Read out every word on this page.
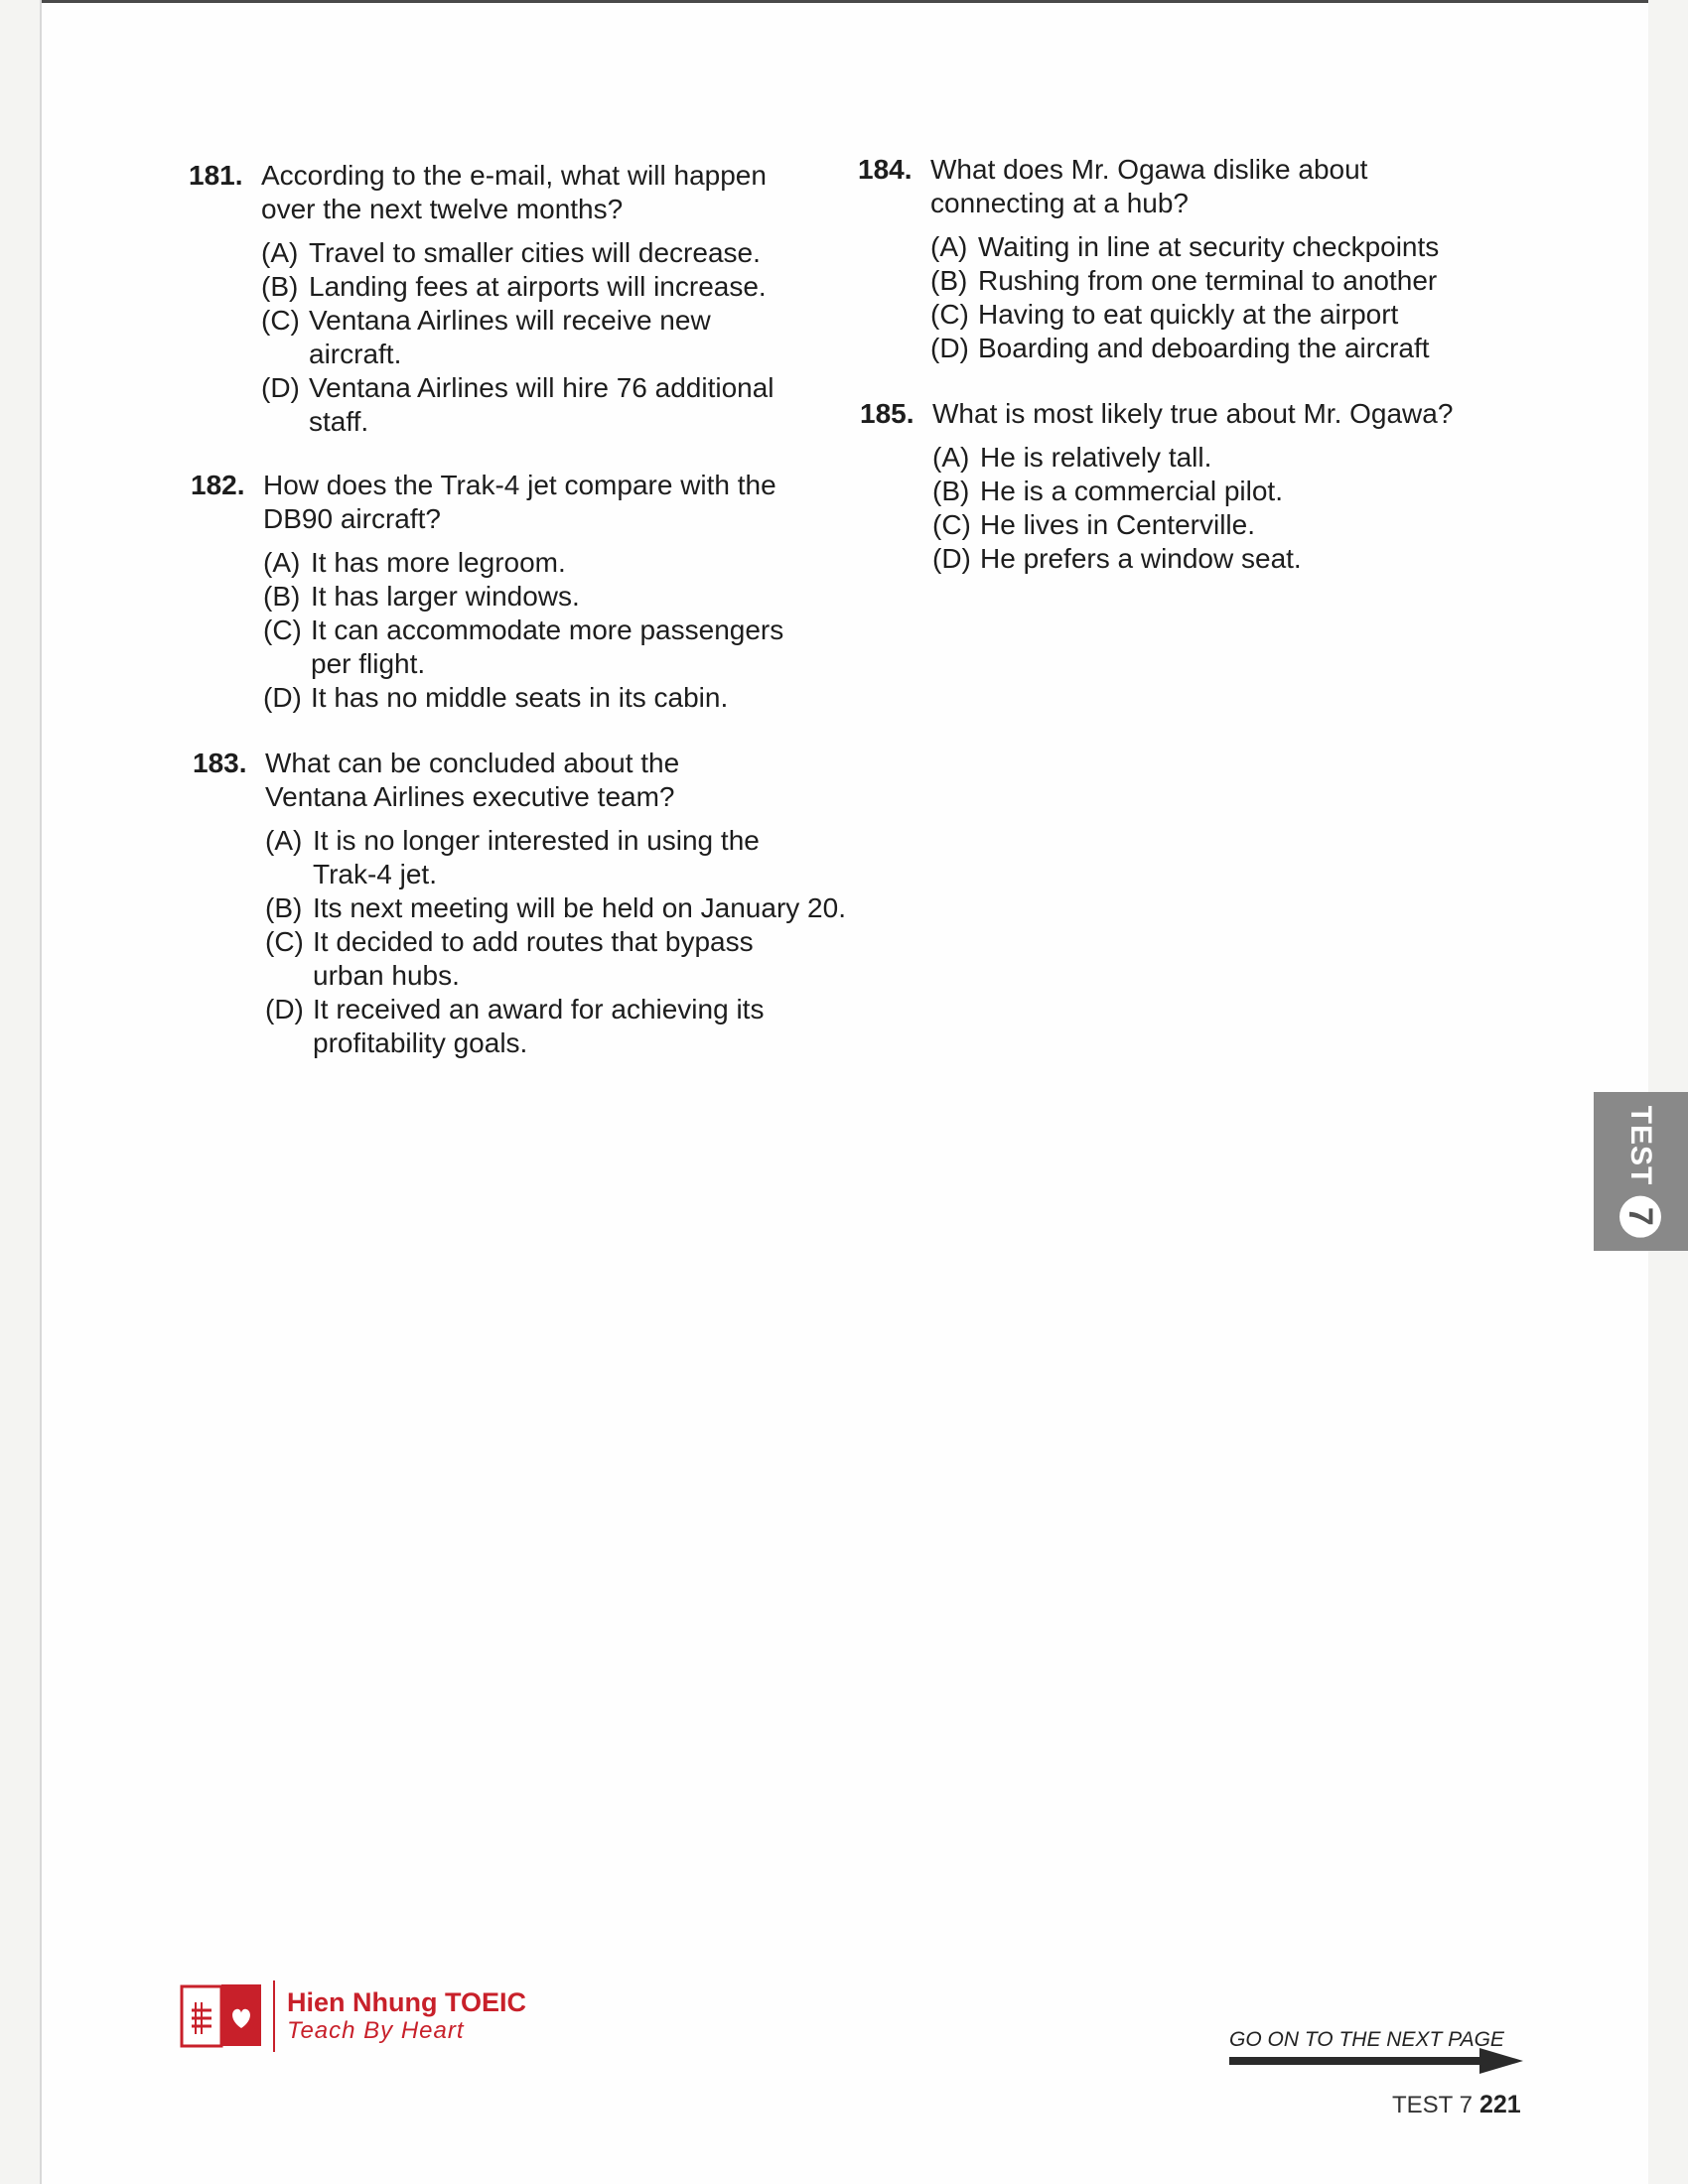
181. According to the e-mail, what will happen over the next twelve months?
(A) Travel to smaller cities will decrease.
(B) Landing fees at airports will increase.
(C) Ventana Airlines will receive new aircraft.
(D) Ventana Airlines will hire 76 additional staff.
182. How does the Trak-4 jet compare with the DB90 aircraft?
(A) It has more legroom.
(B) It has larger windows.
(C) It can accommodate more passengers per flight.
(D) It has no middle seats in its cabin.
183. What can be concluded about the Ventana Airlines executive team?
(A) It is no longer interested in using the Trak-4 jet.
(B) Its next meeting will be held on January 20.
(C) It decided to add routes that bypass urban hubs.
(D) It received an award for achieving its profitability goals.
184. What does Mr. Ogawa dislike about connecting at a hub?
(A) Waiting in line at security checkpoints
(B) Rushing from one terminal to another
(C) Having to eat quickly at the airport
(D) Boarding and deboarding the aircraft
185. What is most likely true about Mr. Ogawa?
(A) He is relatively tall.
(B) He is a commercial pilot.
(C) He lives in Centerville.
(D) He prefers a window seat.
TEST
7
Hien Nhung TOEIC
Teach By Heart	GO ON TO THE NEXT PAGE
TEST 7 221
